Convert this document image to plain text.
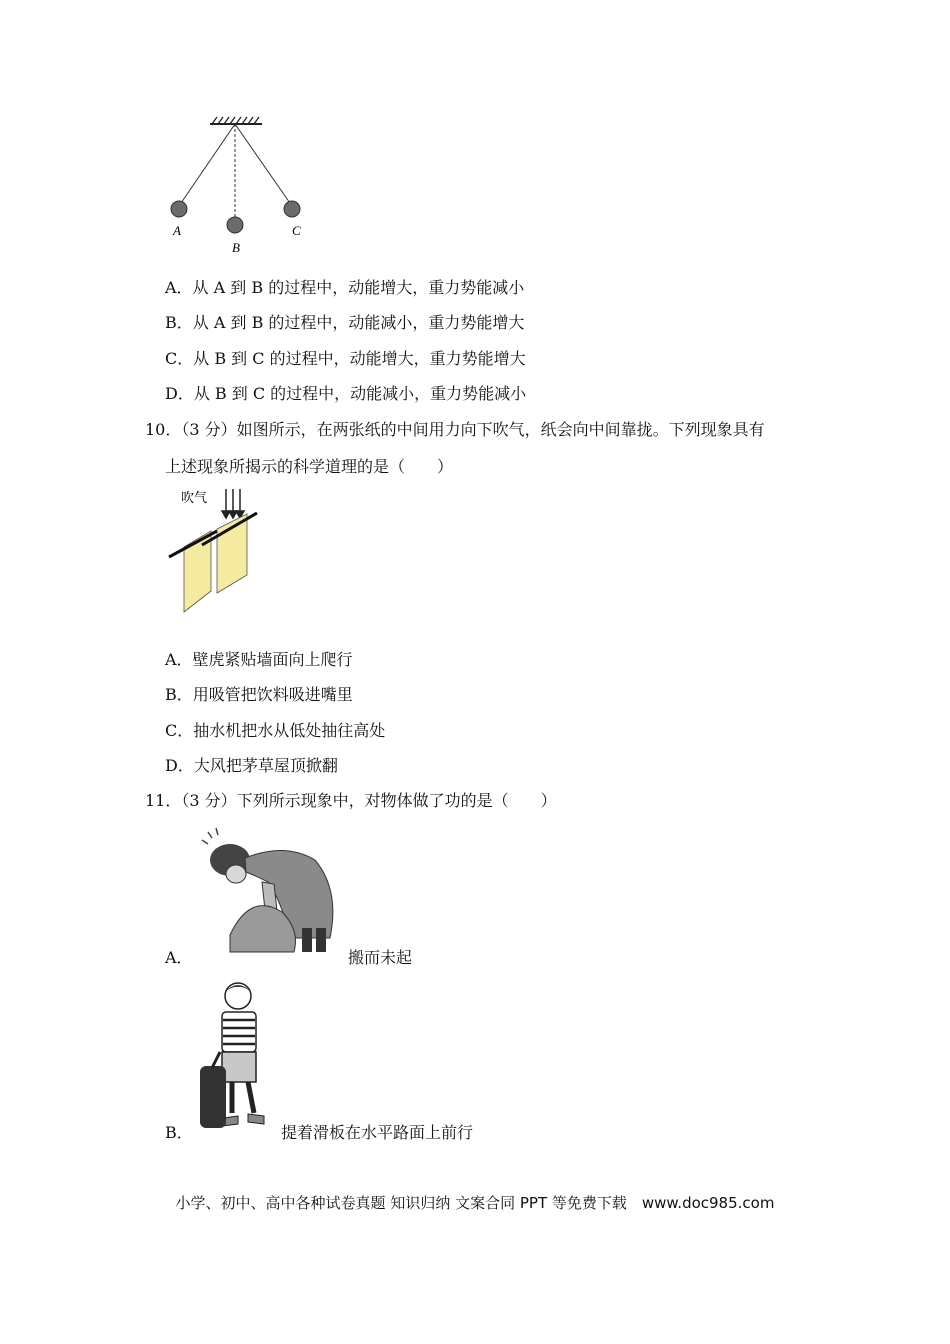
A
B
C
A．从 A 到 B 的过程中，动能增大，重力势能减小
B．从 A 到 B 的过程中，动能减小，重力势能增大
C．从 B 到 C 的过程中，动能增大，重力势能增大
D．从 B 到 C 的过程中，动能减小，重力势能减小
10．（3 分）如图所示，在两张纸的中间用力向下吹气，纸会向中间靠拢。下列现象具有
上述现象所揭示的科学道理的是（　　）
吹气
A．壁虎紧贴墙面向上爬行
B．用吸管把饮料吸进嘴里
C．抽水机把水从低处抽往高处
D．大风把茅草屋顶掀翻
11．（3 分）下列所示现象中，对物体做了功的是（　　）
A．	搬而未起
B．	提着滑板在水平路面上前行
小学、初中、高中各种试卷真题 知识归纳 文案合同 PPT 等免费下载　www.doc985.com
